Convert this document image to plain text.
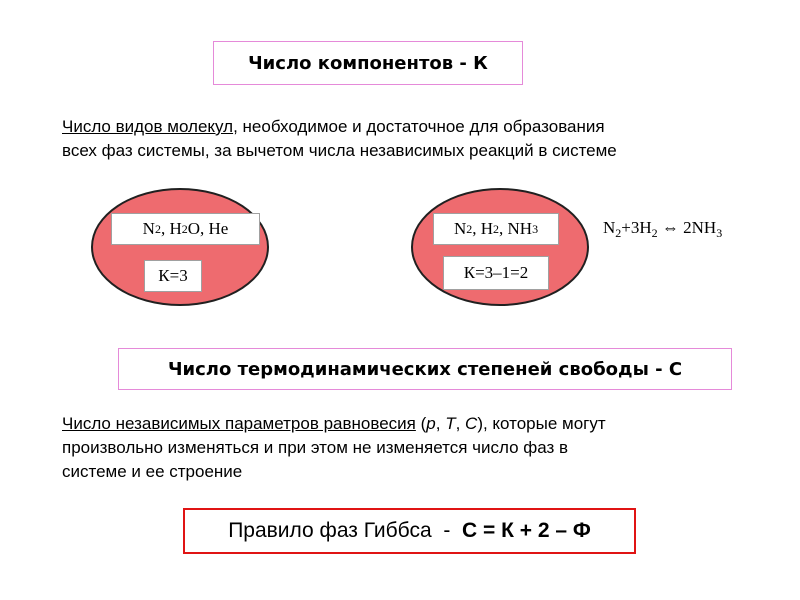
Число компонентов - К
Число видов молекул, необходимое и достаточное для образования
всех фаз системы, за вычетом числа независимых реакций в системе
N 2 , H 2 O, He
К=3
N 2 , H 2 , NH 3
К=3–1=2
$N_2+3H_2$ ⇔ $2NH_3$
Число термодинамических степеней свободы - С
Число независимых параметров равновесия (p, T, C), которые могут
произвольно изменяться и при этом не изменяется число фаз в
системе и ее строение
Правило фаз Гиббса  - С = К + 2 – Ф
